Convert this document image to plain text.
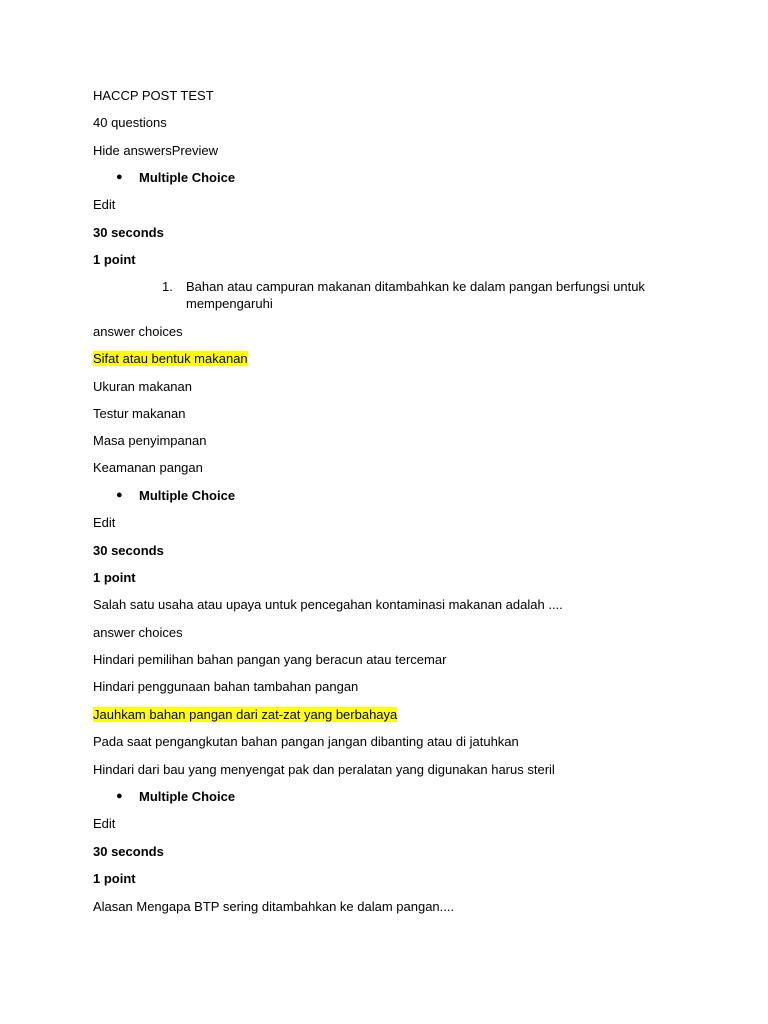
HACCP POST TEST
40 questions
Hide answersPreview
● Multiple Choice
Edit
30 seconds
1 point
1. Bahan atau campuran makanan ditambahkan ke dalam pangan berfungsi untuk mempengaruhi
answer choices
Sifat atau bentuk makanan
Ukuran makanan
Testur makanan
Masa penyimpanan
Keamanan pangan
● Multiple Choice
Edit
30 seconds
1 point
Salah satu usaha atau upaya untuk pencegahan kontaminasi makanan adalah ....
answer choices
Hindari pemilihan bahan pangan yang beracun atau tercemar
Hindari penggunaan bahan tambahan pangan
Jauhkam bahan pangan dari zat-zat yang berbahaya
Pada saat pengangkutan bahan pangan jangan dibanting atau di jatuhkan
Hindari dari bau yang menyengat pak dan peralatan yang digunakan harus steril
● Multiple Choice
Edit
30 seconds
1 point
Alasan Mengapa BTP sering ditambahkan ke dalam pangan....
